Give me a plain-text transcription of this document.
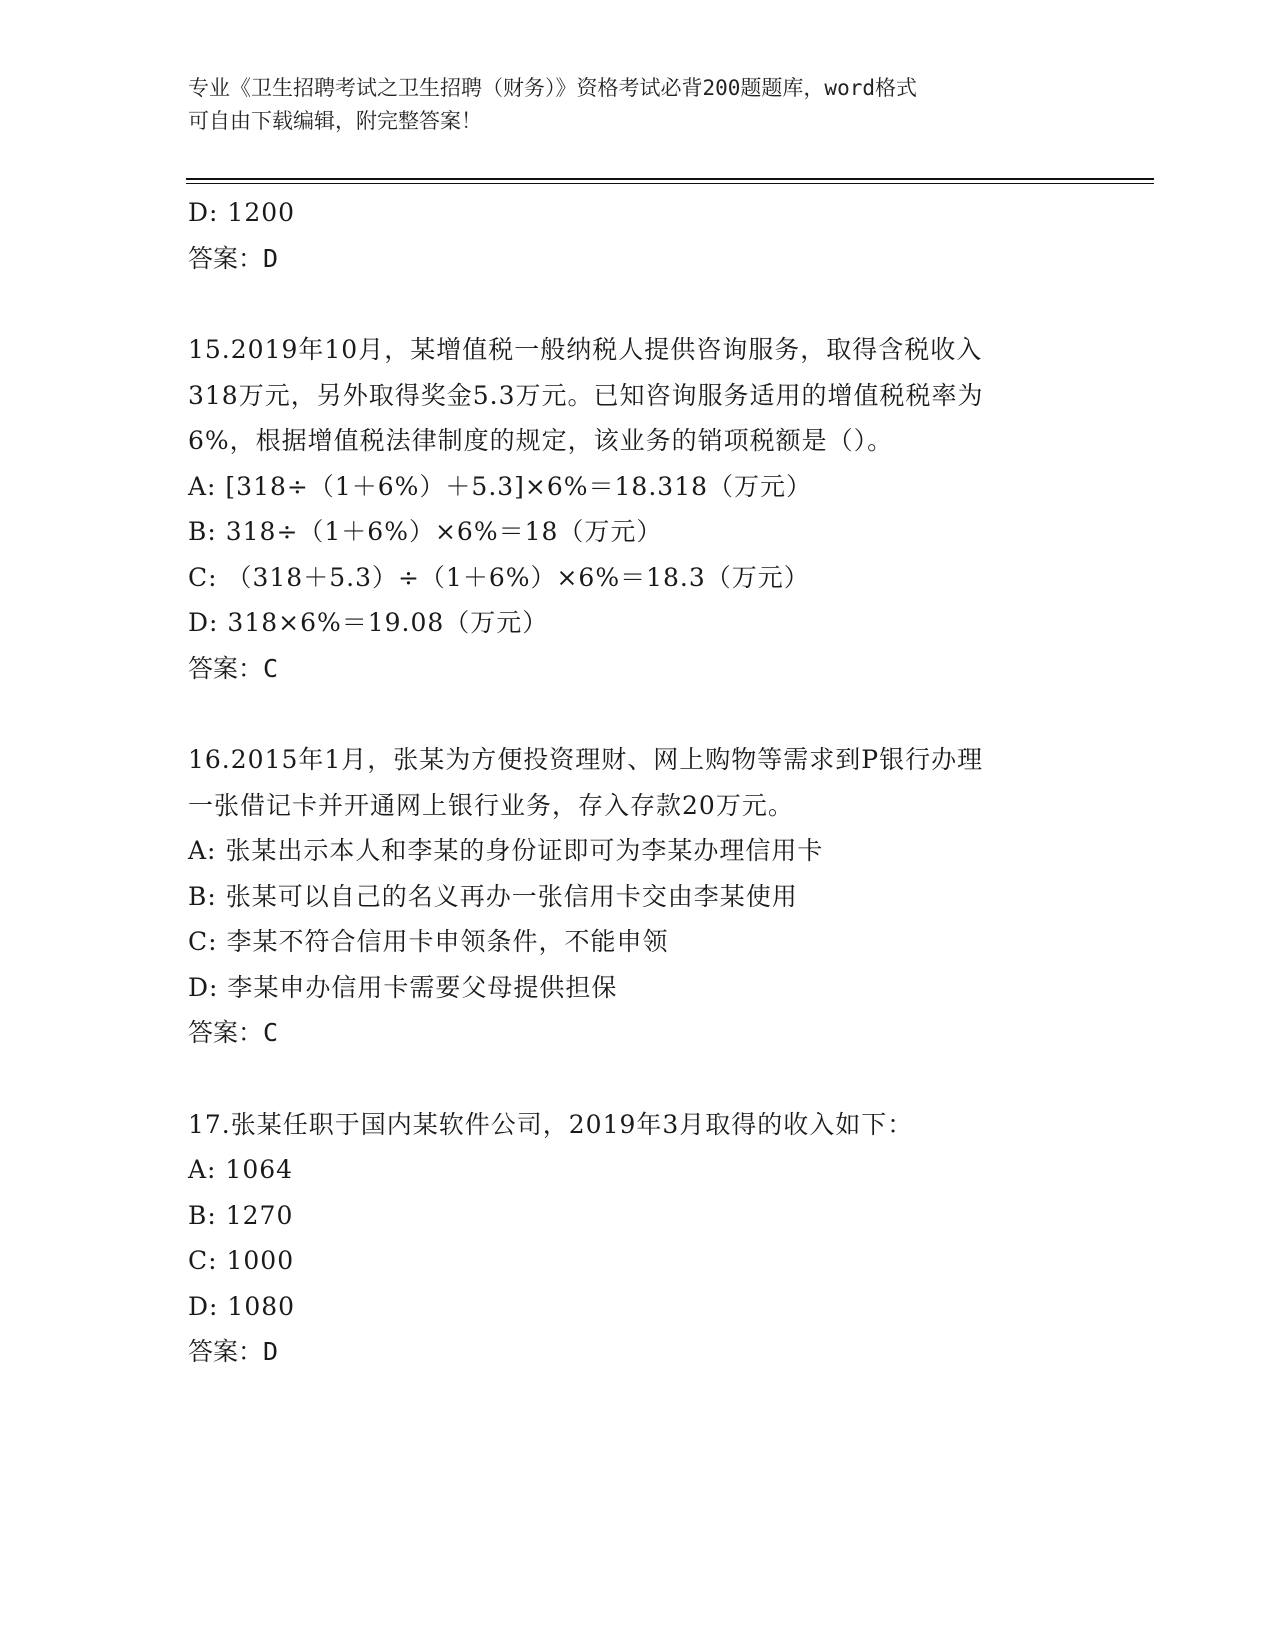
专业《卫生招聘考试之卫生招聘（财务）》资格考试必背200题题库，word格式
可自由下载编辑，附完整答案！
D: 1200
答案：D
15.2019年10月，某增值税一般纳税人提供咨询服务，取得含税收入
318万元，另外取得奖金5.3万元。已知咨询服务适用的增值税税率为
6%，根据增值税法律制度的规定，该业务的销项税额是（）。
A: [318÷（1＋6%）＋5.3]×6%＝18.318（万元）
B: 318÷（1＋6%）×6%＝18（万元）
C: （318＋5.3）÷（1＋6%）×6%＝18.3（万元）
D: 318×6%＝19.08（万元）
答案：C
16.2015年1月，张某为方便投资理财、网上购物等需求到P银行办理
一张借记卡并开通网上银行业务，存入存款20万元。
A: 张某出示本人和李某的身份证即可为李某办理信用卡
B: 张某可以自己的名义再办一张信用卡交由李某使用
C: 李某不符合信用卡申领条件，不能申领
D: 李某申办信用卡需要父母提供担保
答案：C
17.张某任职于国内某软件公司，2019年3月取得的收入如下：
A: 1064
B: 1270
C: 1000
D: 1080
答案：D
